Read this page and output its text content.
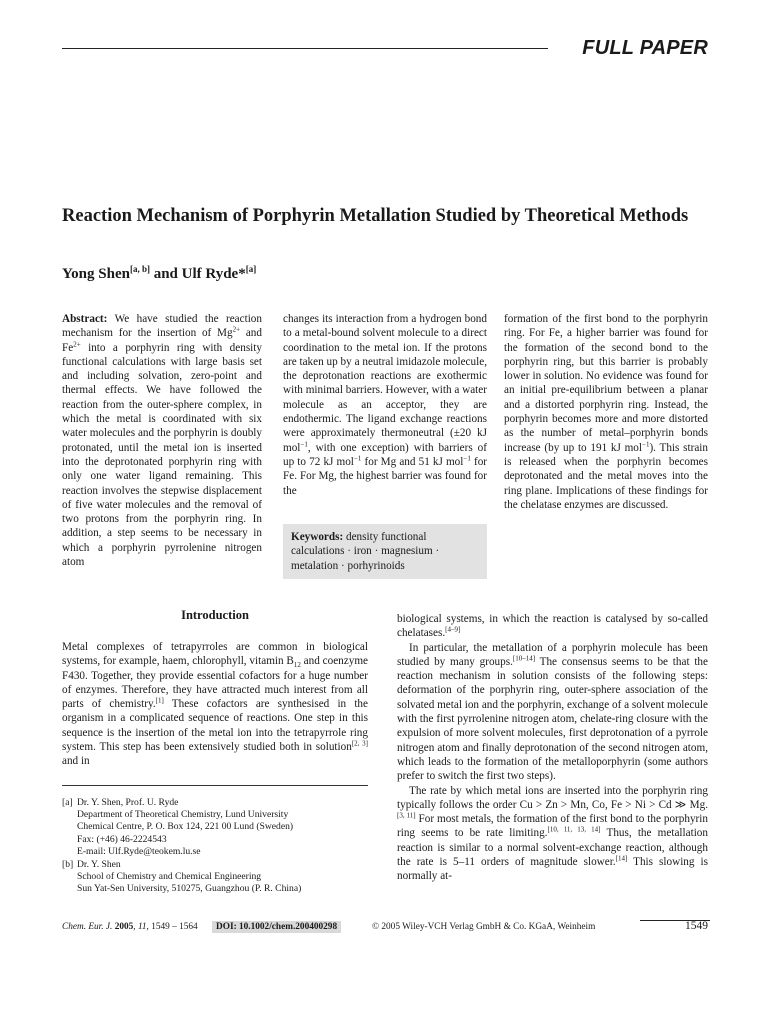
FULL PAPER
Reaction Mechanism of Porphyrin Metallation Studied by Theoretical Methods
Yong Shen[a, b] and Ulf Ryde*[a]

Abstract: We have studied the reaction mechanism for the insertion of $Mg^{2+}$ and $Fe^{2+}$ into a porphyrin ring with density functional calculations with large basis set and including solvation, zero-point and thermal effects. We have followed the reaction from the outer-sphere complex, in which the metal is coordinated with six water molecules and the porphyrin is doubly protonated, until the metal ion is inserted into the deprotonated porphyrin ring with only one water ligand remaining. This reaction involves the stepwise displacement of five water molecules and the removal of two protons from the porphyrin ring. In addition, a step seems to be necessary in which a porphyrin pyrrolenine nitrogen atom

changes its interaction from a hydrogen bond to a metal-bound solvent molecule to a direct coordination to the metal ion. If the protons are taken up by a neutral imidazole molecule, the deprotonation reactions are exothermic with minimal barriers. However, with a water molecule as an acceptor, they are endothermic. The ligand exchange reactions were approximately thermoneutral (±20 kJ mol$^{-1}$, with one exception) with barriers of up to 72 kJ mol$^{-1}$ for Mg and 51 kJ mol$^{-1}$ for Fe. For Mg, the highest barrier was found for the

Keywords: density functional calculations · iron · magnesium · metalation · porhyrinoids

formation of the first bond to the porphyrin ring. For Fe, a higher barrier was found for the formation of the second bond to the porphyrin ring, but this barrier is probably lower in solution. No evidence was found for an initial pre-equilibrium between a planar and a distorted porphyrin ring. Instead, the porphyrin becomes more and more distorted as the number of metal–porphyrin bonds increase (by up to 191 kJ mol$^{-1}$). This strain is released when the porphyrin becomes deprotonated and the metal moves into the ring plane. Implications of these findings for the chelatase enzymes are discussed.

Introduction

Metal complexes of tetrapyrroles are common in biological systems, for example, haem, chlorophyll, vitamin $B_{12}$ and coenzyme F430. Together, they provide essential cofactors for a huge number of enzymes. Therefore, they have attracted much interest from all parts of chemistry.[1] These cofactors are synthesised in the organism in a complicated sequence of reactions. One step in this sequence is the insertion of the metal ion into the tetrapyrrole ring system. This step has been extensively studied both in solution[2, 3] and in

biological systems, in which the reaction is catalysed by so-called chelatases.[4–9]

In particular, the metallation of a porphyrin molecule has been studied by many groups.[10–14] The consensus seems to be that the reaction mechanism in solution consists of the following steps: deformation of the porphyrin ring, outer-sphere association of the solvated metal ion and the porphyrin, exchange of a solvent molecule with the first pyrrolenine nitrogen atom, chelate-ring closure with the expulsion of more solvent molecules, first deprotonation of a pyrrole nitrogen atom and finally deprotonation of the second nitrogen atom, which leads to the formation of the metalloporphyrin (some authors prefer to switch the first two steps).

The rate by which metal ions are inserted into the porphyrin ring typically follows the order Cu > Zn > Mn, Co, Fe > Ni > Cd ≫ Mg.[3, 11] For most metals, the formation of the first bond to the porphyrin ring seems to be rate limiting.[10, 11, 13, 14] Thus, the metallation reaction is similar to a normal solvent-exchange reaction, although the rate is 5–11 orders of magnitude slower.[14] This slowing is normally at-

[a] Dr. Y. Shen, Prof. U. Ryde
Department of Theoretical Chemistry, Lund University
Chemical Centre, P. O. Box 124, 221 00 Lund (Sweden)
Fax: (+46) 46-2224543
E-mail: Ulf.Ryde@teokem.lu.se
[b] Dr. Y. Shen
School of Chemistry and Chemical Engineering
Sun Yat-Sen University, 510275, Guangzhou (P. R. China)
Chem. Eur. J. 2005, 11, 1549 – 1564	DOI: 10.1002/chem.200400298	© 2005 Wiley-VCH Verlag GmbH & Co. KGaA, Weinheim	1549
